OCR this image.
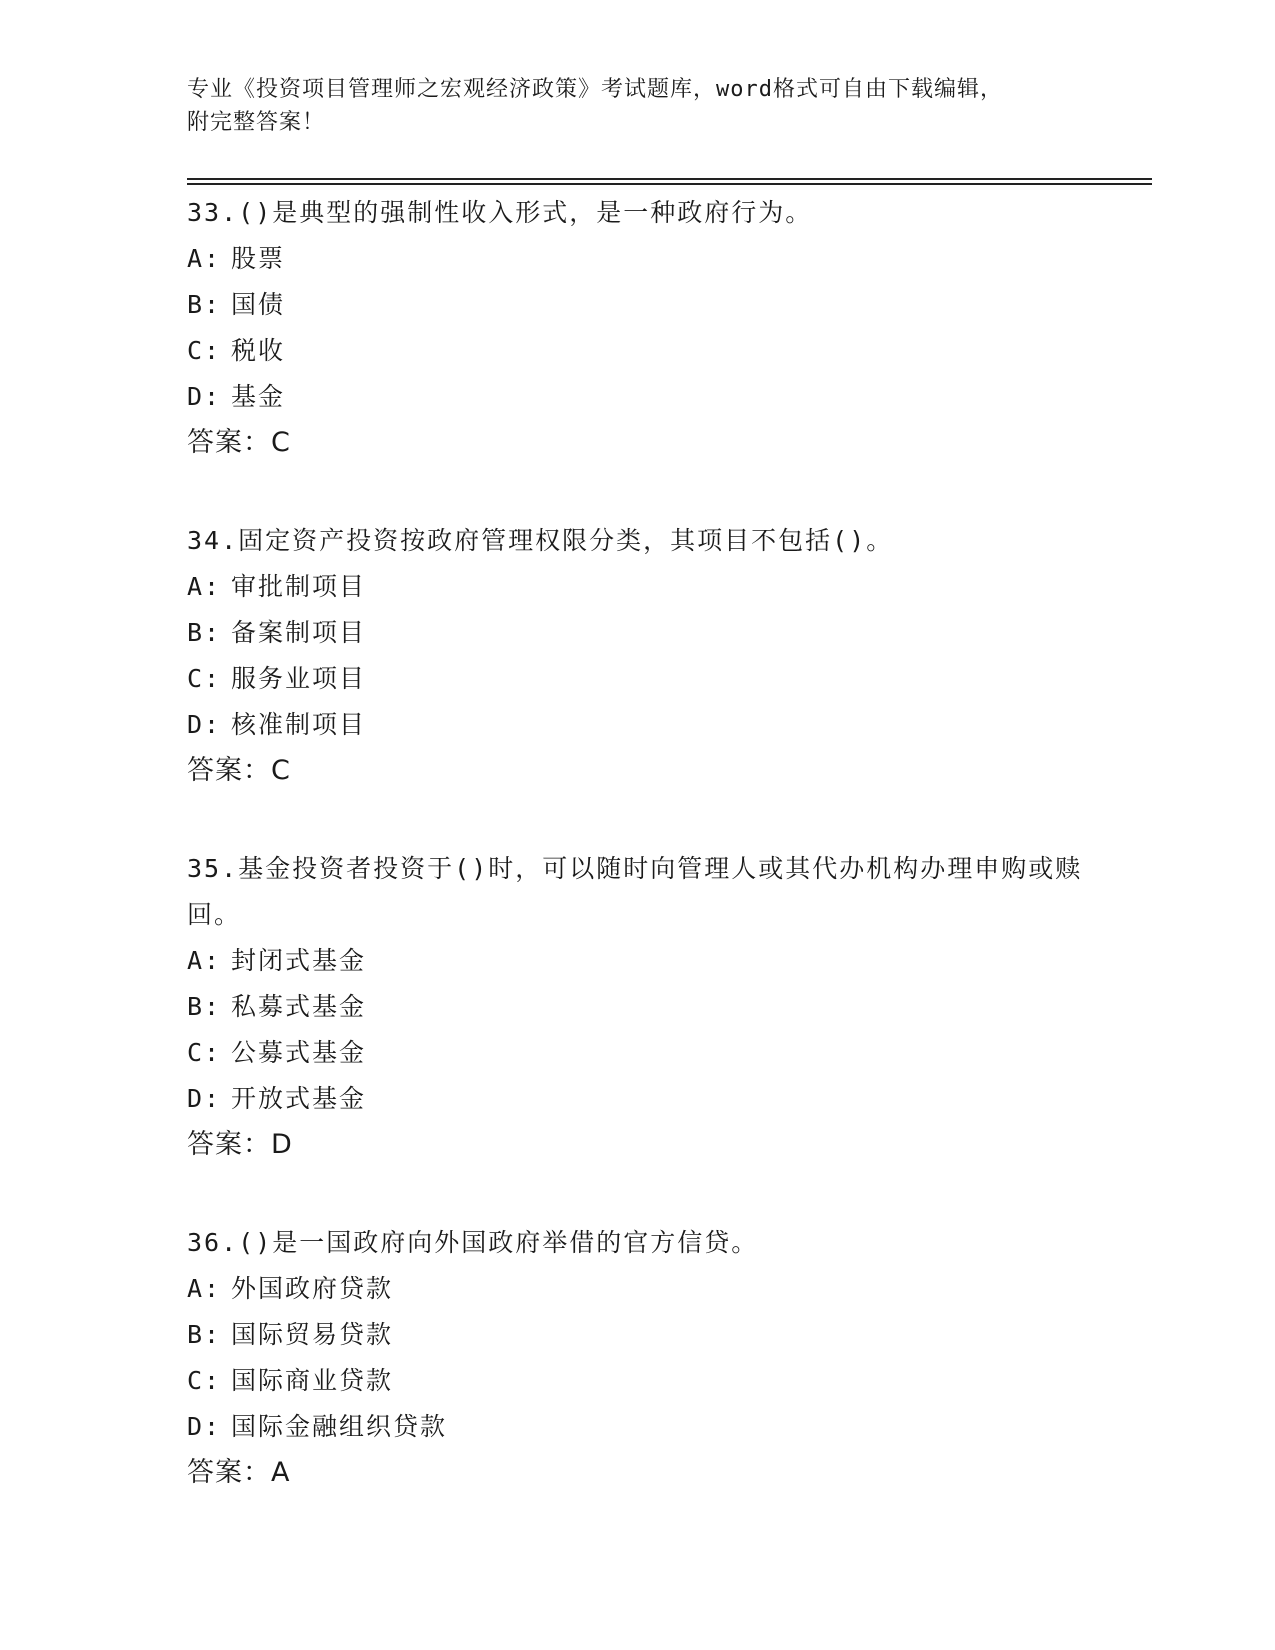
专业《投资项目管理师之宏观经济政策》考试题库，word格式可自由下载编辑，
附完整答案！

33.()是典型的强制性收入形式，是一种政府行为。

A: 股票

B: 国债

C: 税收

D: 基金

答案：C

34.固定资产投资按政府管理权限分类，其项目不包括()。

A: 审批制项目

B: 备案制项目

C: 服务业项目

D: 核准制项目

答案：C

35.基金投资者投资于()时，可以随时向管理人或其代办机构办理申购或赎回。

A: 封闭式基金

B: 私募式基金

C: 公募式基金

D: 开放式基金

答案：D

36.()是一国政府向外国政府举借的官方信贷。

A: 外国政府贷款

B: 国际贸易贷款

C: 国际商业贷款

D: 国际金融组织贷款

答案：A
